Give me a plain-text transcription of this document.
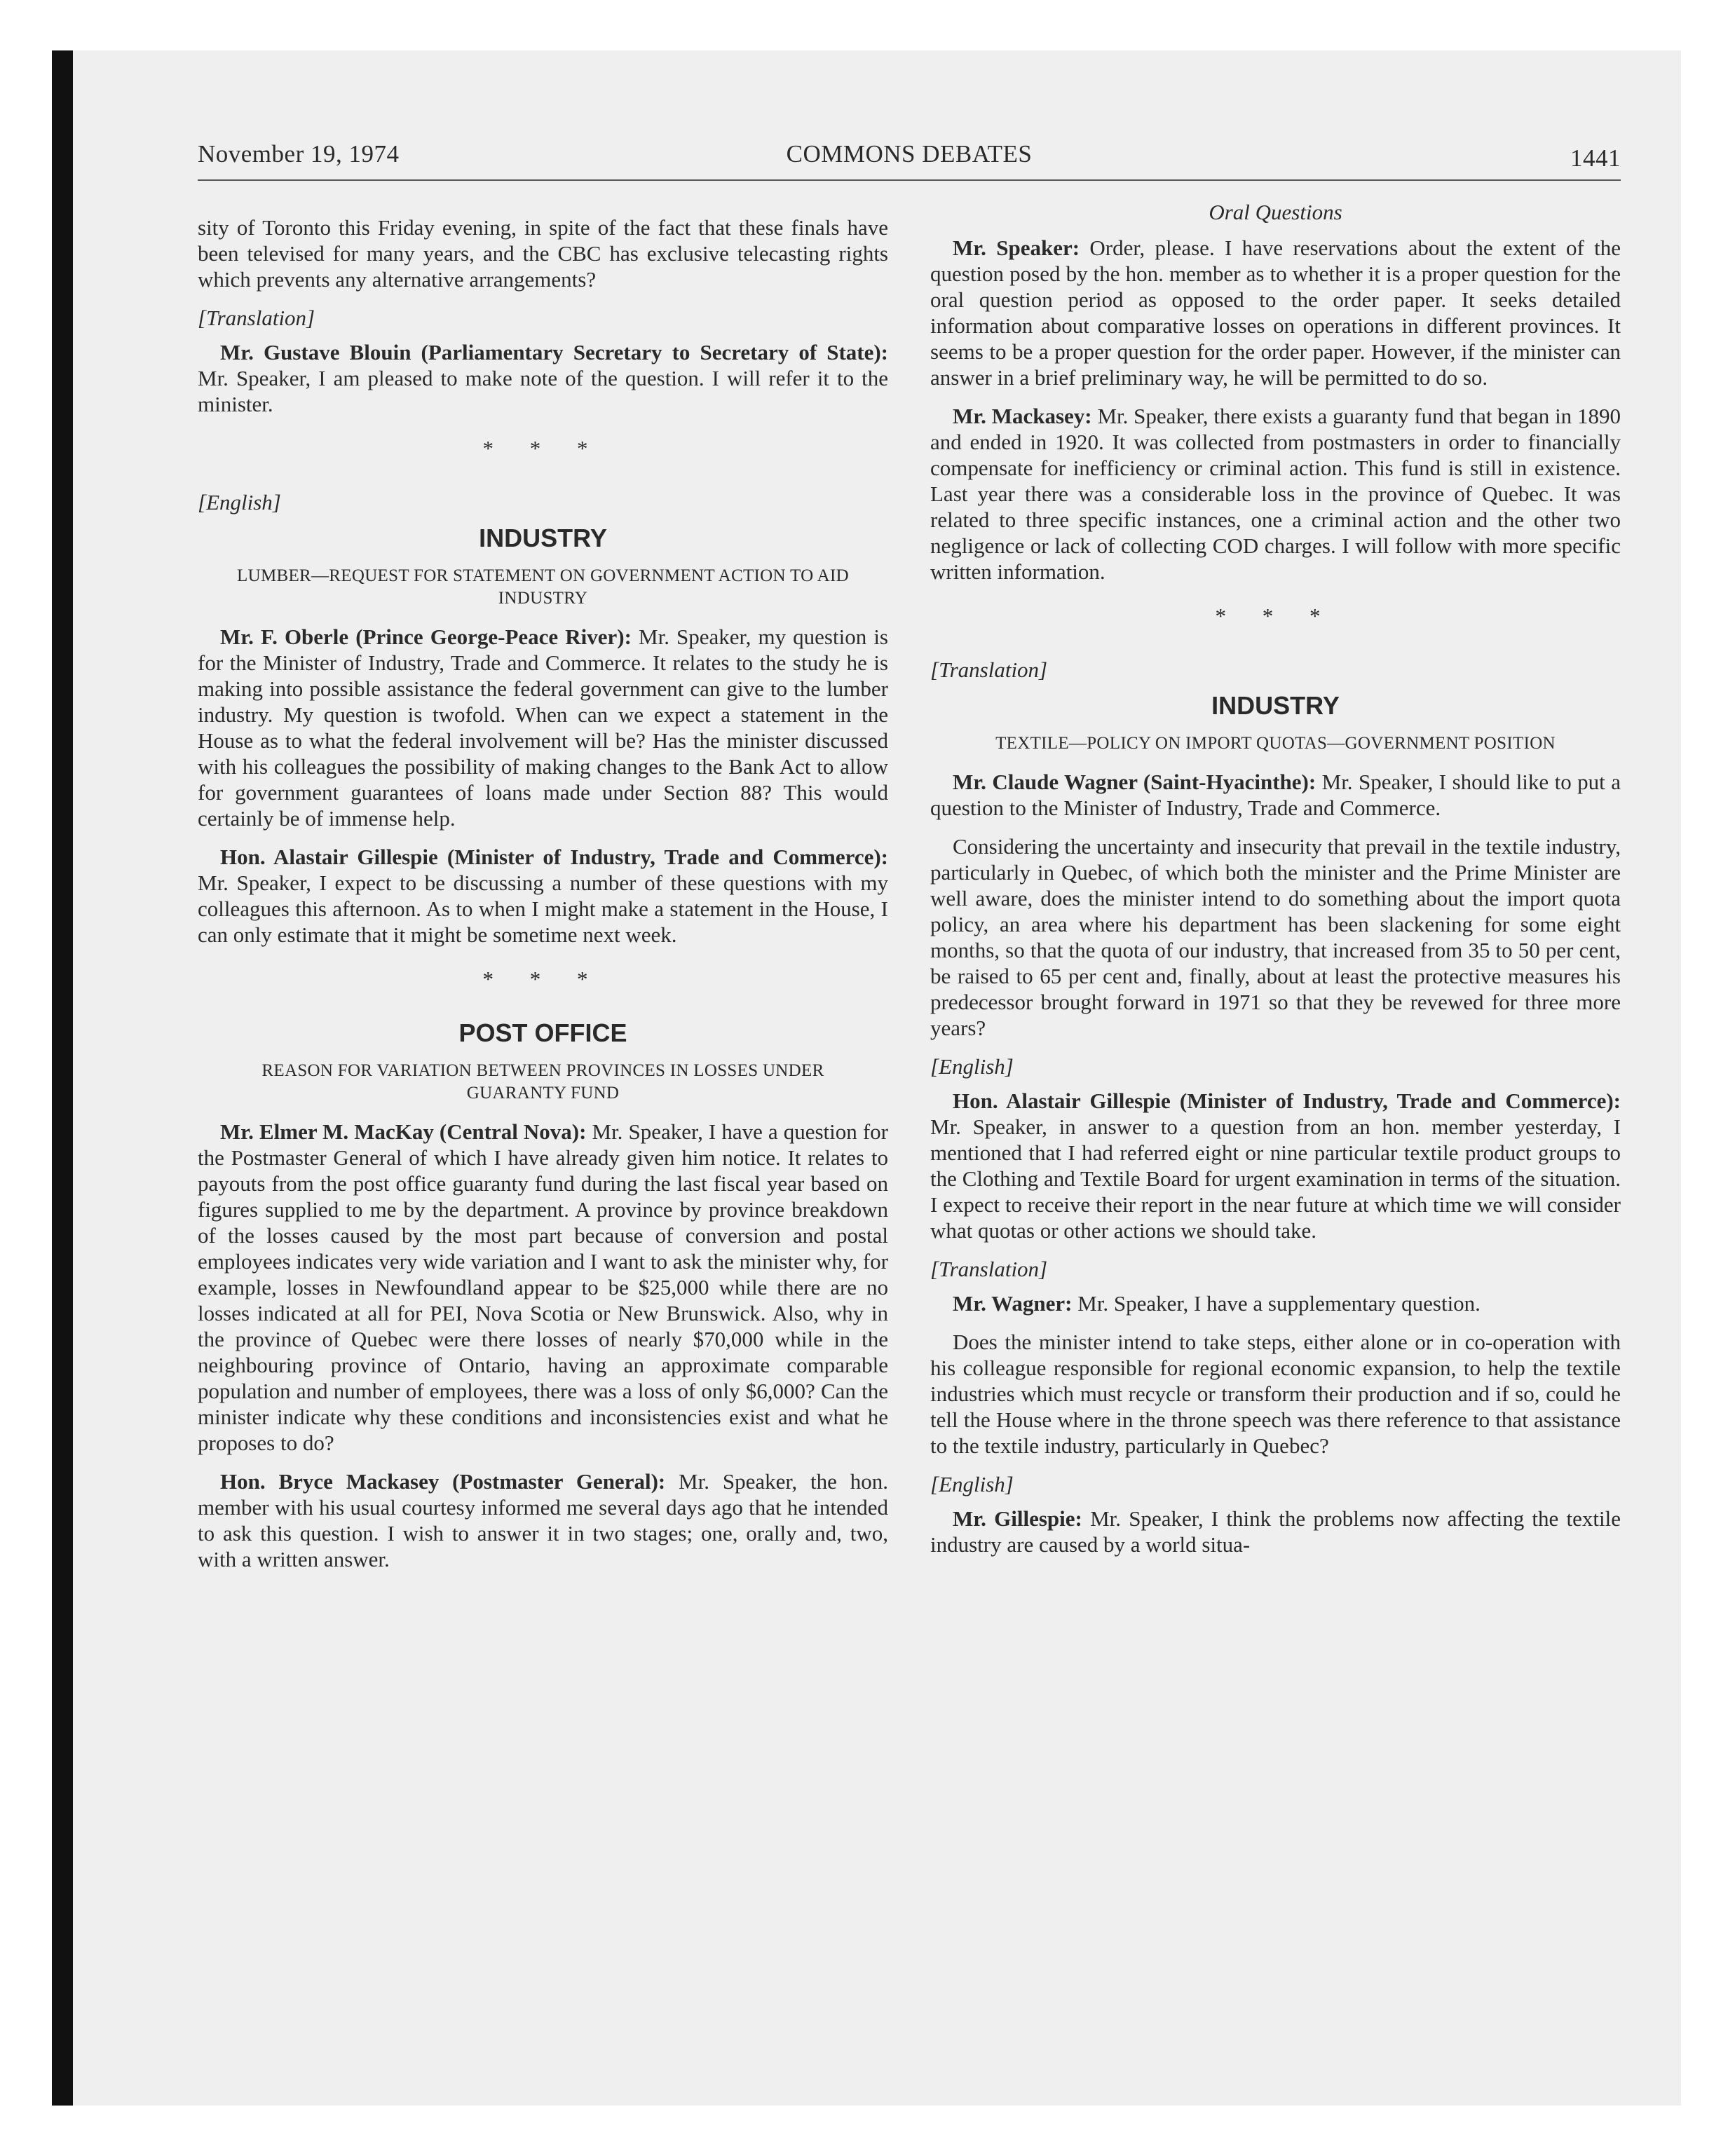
November 19, 1974	COMMONS DEBATES	1441

sity of Toronto this Friday evening, in spite of the fact that these finals have been televised for many years, and the CBC has exclusive telecasting rights which prevents any alternative arrangements?

[Translation]

Mr. Gustave Blouin (Parliamentary Secretary to Secretary of State): Mr. Speaker, I am pleased to make note of the question. I will refer it to the minister.

* * *
[English]
INDUSTRY
LUMBER—REQUEST FOR STATEMENT ON GOVERNMENT ACTION TO AID INDUSTRY

Mr. F. Oberle (Prince George-Peace River): Mr. Speaker, my question is for the Minister of Industry, Trade and Commerce. It relates to the study he is making into possible assistance the federal government can give to the lumber industry. My question is twofold. When can we expect a statement in the House as to what the federal involvement will be? Has the minister discussed with his colleagues the possibility of making changes to the Bank Act to allow for government guarantees of loans made under Section 88? This would certainly be of immense help.

Hon. Alastair Gillespie (Minister of Industry, Trade and Commerce): Mr. Speaker, I expect to be discussing a number of these questions with my colleagues this afternoon. As to when I might make a statement in the House, I can only estimate that it might be sometime next week.

* * *
POST OFFICE
REASON FOR VARIATION BETWEEN PROVINCES IN LOSSES UNDER GUARANTY FUND

Mr. Elmer M. MacKay (Central Nova): Mr. Speaker, I have a question for the Postmaster General of which I have already given him notice. It relates to payouts from the post office guaranty fund during the last fiscal year based on figures supplied to me by the department. A province by province breakdown of the losses caused by the most part because of conversion and postal employees indicates very wide variation and I want to ask the minister why, for example, losses in Newfoundland appear to be $25,000 while there are no losses indicated at all for PEI, Nova Scotia or New Brunswick. Also, why in the province of Quebec were there losses of nearly $70,000 while in the neighbouring province of Ontario, having an approximate comparable population and number of employees, there was a loss of only $6,000? Can the minister indicate why these conditions and inconsistencies exist and what he proposes to do?

Hon. Bryce Mackasey (Postmaster General): Mr. Speaker, the hon. member with his usual courtesy informed me several days ago that he intended to ask this question. I wish to answer it in two stages; one, orally and, two, with a written answer.

Oral Questions

Mr. Speaker: Order, please. I have reservations about the extent of the question posed by the hon. member as to whether it is a proper question for the oral question period as opposed to the order paper. It seeks detailed information about comparative losses on operations in different provinces. It seems to be a proper question for the order paper. However, if the minister can answer in a brief preliminary way, he will be permitted to do so.

Mr. Mackasey: Mr. Speaker, there exists a guaranty fund that began in 1890 and ended in 1920. It was collected from postmasters in order to financially compensate for inefficiency or criminal action. This fund is still in existence. Last year there was a considerable loss in the province of Quebec. It was related to three specific instances, one a criminal action and the other two negligence or lack of collecting COD charges. I will follow with more specific written information.

* * *
[Translation]
INDUSTRY
TEXTILE—POLICY ON IMPORT QUOTAS—GOVERNMENT POSITION

Mr. Claude Wagner (Saint-Hyacinthe): Mr. Speaker, I should like to put a question to the Minister of Industry, Trade and Commerce.

Considering the uncertainty and insecurity that prevail in the textile industry, particularly in Quebec, of which both the minister and the Prime Minister are well aware, does the minister intend to do something about the import quota policy, an area where his department has been slackening for some eight months, so that the quota of our industry, that increased from 35 to 50 per cent, be raised to 65 per cent and, finally, about at least the protective measures his predecessor brought forward in 1971 so that they be revewed for three more years?

[English]

Hon. Alastair Gillespie (Minister of Industry, Trade and Commerce): Mr. Speaker, in answer to a question from an hon. member yesterday, I mentioned that I had referred eight or nine particular textile product groups to the Clothing and Textile Board for urgent examination in terms of the situation. I expect to receive their report in the near future at which time we will consider what quotas or other actions we should take.

[Translation]

Mr. Wagner: Mr. Speaker, I have a supplementary question.

Does the minister intend to take steps, either alone or in co-operation with his colleague responsible for regional economic expansion, to help the textile industries which must recycle or transform their production and if so, could he tell the House where in the throne speech was there reference to that assistance to the textile industry, particularly in Quebec?

[English]

Mr. Gillespie: Mr. Speaker, I think the problems now affecting the textile industry are caused by a world situa-
